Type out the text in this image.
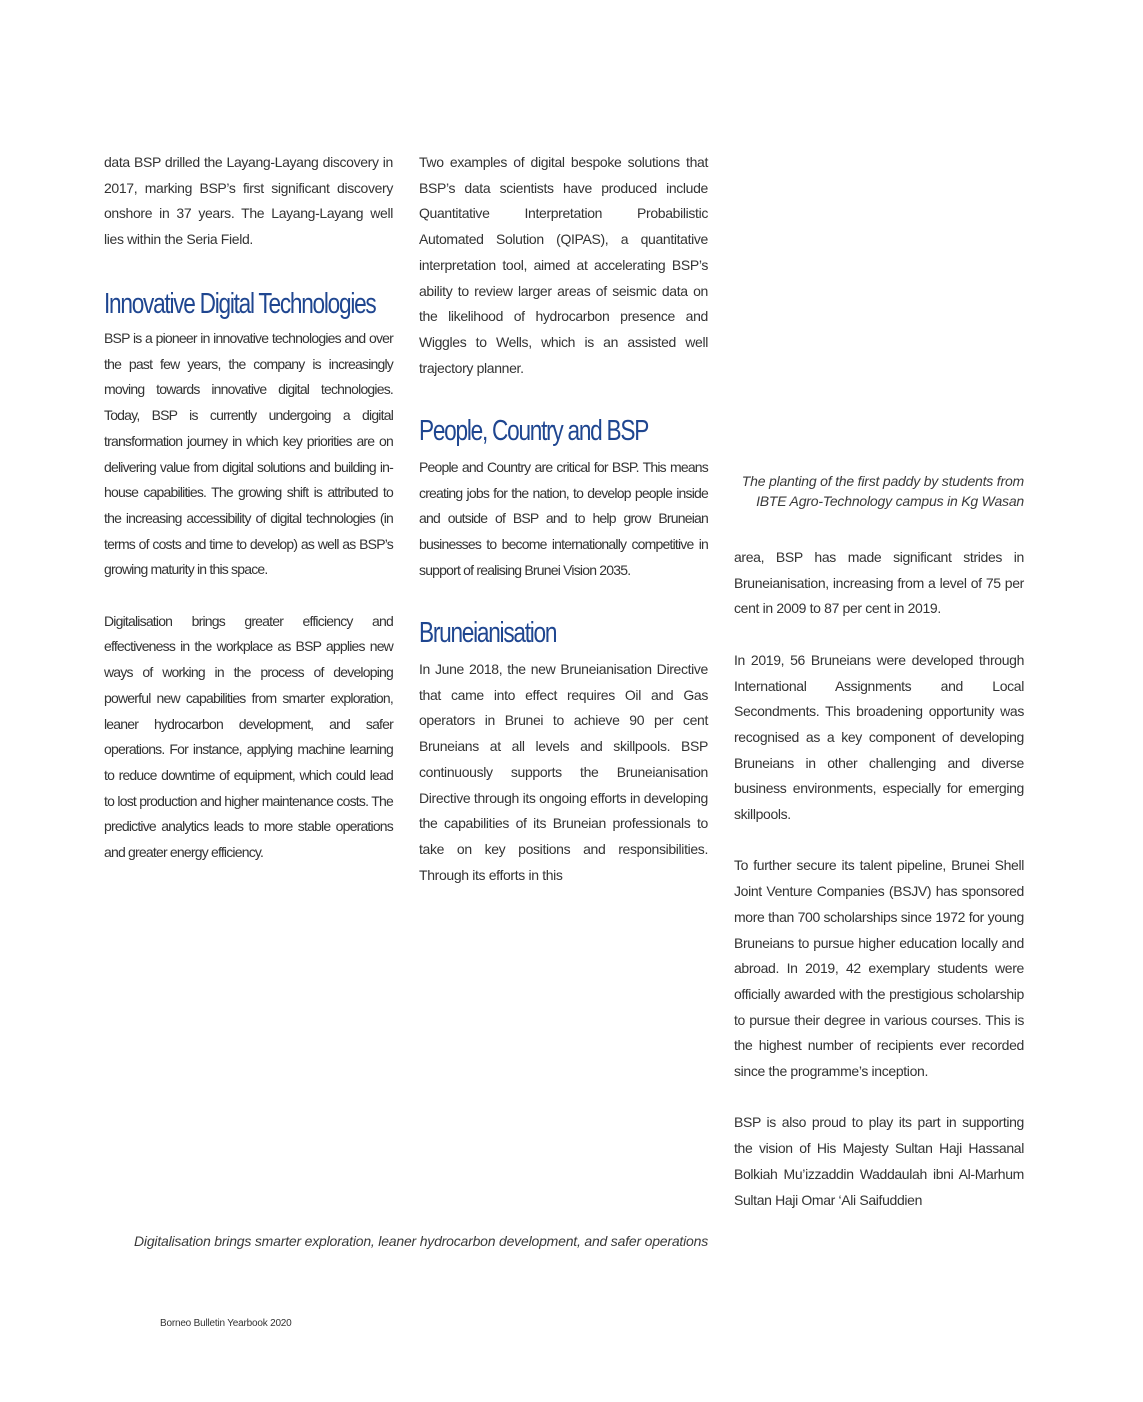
data BSP drilled the Layang-Layang discovery in 2017, marking BSP’s first significant discovery onshore in 37 years. The Layang-Layang well lies within the Seria Field.

Innovative Digital Technologies

BSP is a pioneer in innovative technologies and over the past few years, the company is increasingly moving towards innovative digital technologies. Today, BSP is currently undergoing a digital transformation journey in which key priorities are on delivering value from digital solutions and building in-house capabilities. The growing shift is attributed to the increasing accessibility of digital technologies (in terms of costs and time to develop) as well as BSP’s growing maturity in this space.

Digitalisation brings greater efficiency and effectiveness in the workplace as BSP applies new ways of working in the process of developing powerful new capabilities from smarter exploration, leaner hydrocarbon development, and safer operations. For instance, applying machine learning to reduce downtime of equipment, which could lead to lost production and higher maintenance costs. The predictive analytics leads to more stable operations and greater energy efficiency.

Two examples of digital bespoke solutions that BSP’s data scientists have produced include Quantitative Interpretation Probabilistic Automated Solution (QIPAS), a quantitative interpretation tool, aimed at accelerating BSP’s ability to review larger areas of seismic data on the likelihood of hydrocarbon presence and Wiggles to Wells, which is an assisted well trajectory planner.

People, Country and BSP

People and Country are critical for BSP. This means creating jobs for the nation, to develop people inside and outside of BSP and to help grow Bruneian businesses to become internationally competitive in support of realising Brunei Vision 2035.

Bruneianisation

In June 2018, the new Bruneianisation Directive that came into effect requires Oil and Gas operators in Brunei to achieve 90 per cent Bruneians at all levels and skillpools. BSP continuously supports the Bruneianisation Directive through its ongoing efforts in developing the capabilities of its Bruneian professionals to take on key positions and responsibilities. Through its efforts in this

The planting of the first paddy by students from IBTE Agro-Technology campus in Kg Wasan

area, BSP has made significant strides in Bruneianisation, increasing from a level of 75 per cent in 2009 to 87 per cent in 2019.

In 2019, 56 Bruneians were developed through International Assignments and Local Secondments. This broadening opportunity was recognised as a key component of developing Bruneians in other challenging and diverse business environments, especially for emerging skillpools.

To further secure its talent pipeline, Brunei Shell Joint Venture Companies (BSJV) has sponsored more than 700 scholarships since 1972 for young Bruneians to pursue higher education locally and abroad. In 2019, 42 exemplary students were officially awarded with the prestigious scholarship to pursue their degree in various courses. This is the highest number of recipients ever recorded since the programme’s inception.

BSP is also proud to play its part in supporting the vision of His Majesty Sultan Haji Hassanal Bolkiah Mu’izzaddin Waddaulah ibni Al-Marhum Sultan Haji Omar ‘Ali Saifuddien

Digitalisation brings smarter exploration, leaner hydrocarbon development, and safer operations
Borneo Bulletin Yearbook 2020
